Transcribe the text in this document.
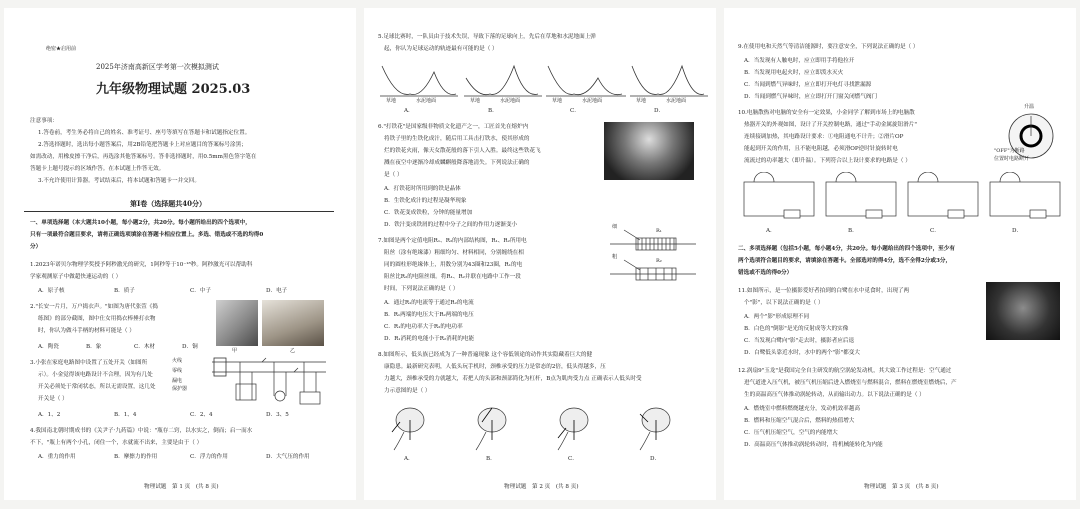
绝密★启用前
2025年济南高新区学考第一次模拟测试
九年级物理试题 2025.03
注意事项：
1.答卷前，考生务必将自己的姓名、准考证号、座号等填写在答题卡和试题指定位置。
2.答选择题时，选出每小题答案后，用2B铅笔把答题卡上对应题目的答案标号涂黑；
如需改动，用橡皮擦干净后，再选涂其他答案标号。答非选择题时，用0.5mm黑色签字笔在
答题卡上题号提示的区域作答。在本试题上作答无效。
3.不允许使用计算器。考试结束后，将本试题和答题卡一并交回。
第Ⅰ卷（选择题共40分）
一、单项选择题（本大题共10小题，每小题2分，共20分。每小题所给出的四个选项中，
只有一项最符合题目要求，请将正确选项填涂在答题卡相应位置上。多选、错选或不选的均得0
分）
1.2023年诺贝尔物理学奖授予阿秒激光的研究，1阿秒等于10⁻¹⁸秒。阿秒激光可以帮助科
学家观测原子中做超快速运动的（ ）
A．原子核	B．质子	C．中子	D．电子
2."长安一片月，万户捣衣声。"如图为唐代张萱《捣
练图》的部分截图，图中仕女用捣衣棒捶打衣物
时，你认为做斗手柄的材料可能是（ ）
A．陶瓷	B．象	C．木材	D．铜
甲	乙
3.小张在家庭电路图中设置了五处开关（如图所
示）。小金觉得该电路设计不合理，因为有几处
开关必须处于常闭状态，所以无需设置，这几处
开关是（ ）
火线
零线
漏电
保护器
A．1、2	B．1、4	C．2、4	D．3、5
4.我国南北朝时期成书的《关尹子·九药篇》中说："瓶存二窍，以水实之，倒而；启一而水
不下，"瓶上有两个小孔，闭住一个，水就流不出来，主要是由于（ ）
A．重力的作用	B．摩擦力的作用	C．浮力的作用	D．大气压的作用
物理试题　第 1 页　(共 8 页)
5.足球比赛时，一队员由于技术失误，导致下落的足球向上，先后在草地和水泥地面上弹
起，你认为足球运动的轨迹最有可能的是（ ）
草地	水泥地面	草地	水泥地面	草地	水泥地面	草地	水泥地面
A．	B．	C．	D．
6."打铁花"是国家级非物质文化遗产之一，工匠首先在熔炉内
将铁子里的生铁化成汁，随后用工具击打铁水，使其形成的
烂的铁花火雨，像天女散花般的落下引人入胜。最终这些铁花飞
溅在夜空中逐渐冷却成麟麒般降落地清失。下列说法正确的
是（ ）
A．打铁花时所用到的铁是晶体
B．生铁化成汁的过程是凝华现象
C．铁花变成铁粒，分钟的能量增加
D．铁汁变成铁屑的过程中分子之间的作用力逐渐变小
7.如图是两个定值电阻R₁、R₂的内部结构图，R₁、R₂所用电
阻丝（涂有绝缘漆）粗细均匀、材料相同，分别缠绕在相
同的圆柱形绝缘体上，用数分别为43圈和23圈，R₁的电
阻丝比R₂的电阻丝细。将R₁、R₂并联在电路中工作一段
时间，下列说法正确的是（ ）
细
粗
R₁
R₂
A．通过R₁的电流等于通过R₂的电流
B．R₁两端的电压大于R₂两端的电压
C．R₁的电功率大于R₂的电功率
D．R₁消耗的电能小于R₂消耗的电能
8.如图所示，低头族已经成为了一种普遍现象 这个容低领途的动作其实隐藏着巨大的健
康隐患。最新研究表明，人低头玩手机时，颈椎承受的压力是常态的2倍，低头得越多，压
力越大，颈椎承受的力就越大，若把人的头部和颈部简化为杠杆，B点为肌肉受力点 正确表示人低头时受
力示意图的是（ ）
A．	B．	C．	D．
物理试题　第 2 页　(共 8 页)
9.在使用电和天然气等清洁能源时，要注意安全，下列说法正确的是（ ）
A．当发现有人触电时，应立即用手将他拉开
B．当发现用电起火时，应立即泼水灭火
C．当闻到燃气异味时，应立即打开电灯寻找泄漏源
D．当闻到燃气异味时，应立即打开门窗关闭燃气阀门
10.电脑散热对电脑的安全有一定效果，小金同学了解到市场上的电脑散
热器开关的外观如图，设计了开关控制电路，通过"手动金属旋钮滑片"
连续接调加热，其电路设计要求：①电阻通电不计升；②滑片OP
能起到开关的作用，且不能电阻越，必须滑OP逆时针旋转时电
流流过的功率越大（即升温）。下列符合以上设计要求的电路是（ ）
升温
"OFF"为断路
位置时电路断开
A．	B．	C．	D．
二、多项选择题（包括5小题，每小题4分，共20分。每小题给出的四个选项中，至少有
两个选项符合题目的要求，请填涂在答题卡。全部选对的得4分，选不全得2分或3分，
错选或不选的得0分）
11.如图所示，是一位摄影爱好者拍到的白鹭在水中觅食时，出现了两
个"影"，以下说法正确的是（ ）
A．两个"影"形成原理不同
B．白色的"倒影"是光的反射成等大的实像
C．当发现白鹭向"影"走去时，摄影者应后退
D．白鹭低头靠近水时，水中的两个"影"都变大
12.涡扇9"玉龙"是我国完全自主研发的航空涡轮发动机，其大致工作过程是：空气通过
进气道进入压气机，被压气机压缩后进入燃烧室与燃料混合，燃料在燃烧室燃烧后，产
生的高温高压气体推动涡轮转动，从而输出动力。以下说法正确的是（ ）
A．燃烧室中燃料燃烧越充分，发动机效率越高
B．燃料和压缩空气混合后，燃料的热值增大
C．压气机压缩空气，空气的内能增大
D．高温高压气体推动涡轮转动时，将机械能转化为内能
物理试题　第 3 页　(共 8 页)
